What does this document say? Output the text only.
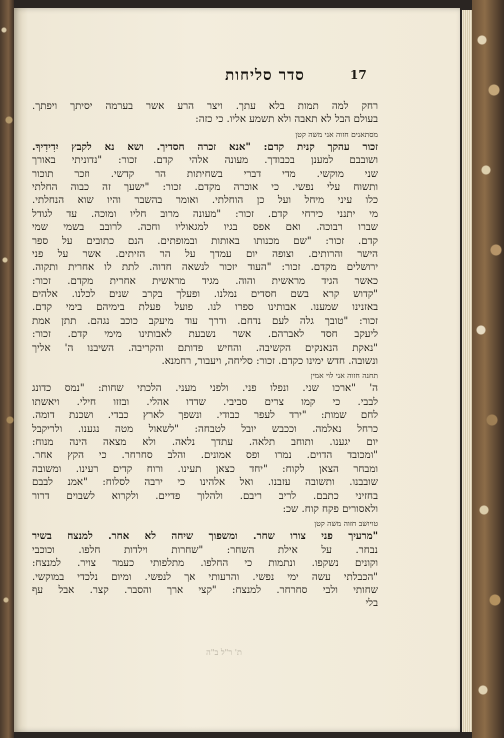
סדר סליחות	17
רחק למה תמות בלא עתך. ויצר הרע אשר בערמה יסיתך ויפתך.
בעולם הבל לא תאבה ולא תשמע אליו. כי כזה:
מסתאנים חזוה אני משה קטן
זכור עהקך קנית קדם: "אנא זכרה חסדיך. ושא נא לקבץ יִדִידִיךָ.
ושובבם למענן בכבודך. מעונה אלהי קדם. זכור: "נדוניתי באורך
שני מוקשי. מדי דברי בשחיתות הר קדשי. וזכר תוכור
ותשוח עלי נפשי. כי אוכרה מקדם. זכור: "ישעך זה כבוה החלתי
כלו עיני מיחל ועל כן הוחלתי. ואומר בהשבר והיו שוא הנחלתי.
מי יתנני כירחי קדם. זכור: "מעונה מרוב חליו ומוכה. עד לגודל
שברו רבוכה. ואם אפס בגיו למגאוליו וחכה. לרובב בשמי שמי
קדם. זכור: "שם מכנותו באותות ובמופתים. הנם כתובים על ספר
הישר והרותים. וצופה יום עמדך על הר הזיתים. אשר על פני
ירושלים מקדם. זכור: "העוד יזכור לנשאה חדוה. לתת לו אחרית ותקוה.
כאשר הגיד מראשית והוה. מגיד מראשית אחרית מקדם. זכור:
"קדוש קרא בשם חסדים נמלנו. ופעלך בקרב שנים לכלנו. אלהים
באזנינו שמענו. אבותינו ספרו לנו. פועל פעלת בימיהם בימי קדם.
זכור: "טובך גלה לעם נדחם. ודרך עוד מיעקב כוכב נגהם. תתן אמת
ליעקב חסד לאברהם. אשר נשבעת לאבותינו מימי קדם. זכור:
"נאקת הנאנקים הקשיבה. והחיש פדותם והקריבה. השיבנו ה' אליך
ונשובה. חדש ימינו כקדם. זכור: סליחה, ויעבור, רחמנא.
תחנה חזוה אני לוי אמין
ה' "ארכו שני. ונפלו פני. ולפני מעני. הלכתי שחות: "נמס כדונג
לבבי. כי קמו צרים סביבי. שדדו אהלי. ובזזו חילי. ויאשתו
לחם שמות: "ירד לעפר כבודי. ונשפך לארץ כבדי. ושכנת דומה.
כרחל נאלמה. וככבש יובל לטבחה: "לשאול מטה נגענו. ולריקבל
יום יגענו. ותוחב תלאה. עתדך נלאה. ולא מצאה הינה מנוח:
"ומכובד הדוים. נמרו ופס אמונים. והלב סחרחר. כי הקץ אחר.
ומבחר הצאן לקוח: "יחד כצאן תעינו. ורוח קדים רעינו. ומשובה
שובבנו. ותשובה עזבנו. ואל אלהינו כי ירבה לסלוח: "אמנ לבבם
בחזיני כתבם. לריב ריבם. ולהלוך פדיים. ולקרוא לשבוים דרור
ולאסורים פקח קוח. שכ:
טויושב חזוה משה קטן
"מרעיך פני צורו שחר. ומשפוך שיחה לא אחר. למנצח בשיר
נבחר. על אילת השחר: "שחרות וילדות חלפו. וכוכבי
וקונים נשקפו. ונתמות כי החלפו. מתלפותי כעמר צויר. למנצח:
"הכבלתי עשה ימי נפשי. והרעותי אך לנפשי. ומיום נלכדי במוקשי.
שחותי ולבי סחרחר. למנצח: "קצי ארך והסבר. קצר. אבל עף
בלי
ת' ר"ל ב"ה
